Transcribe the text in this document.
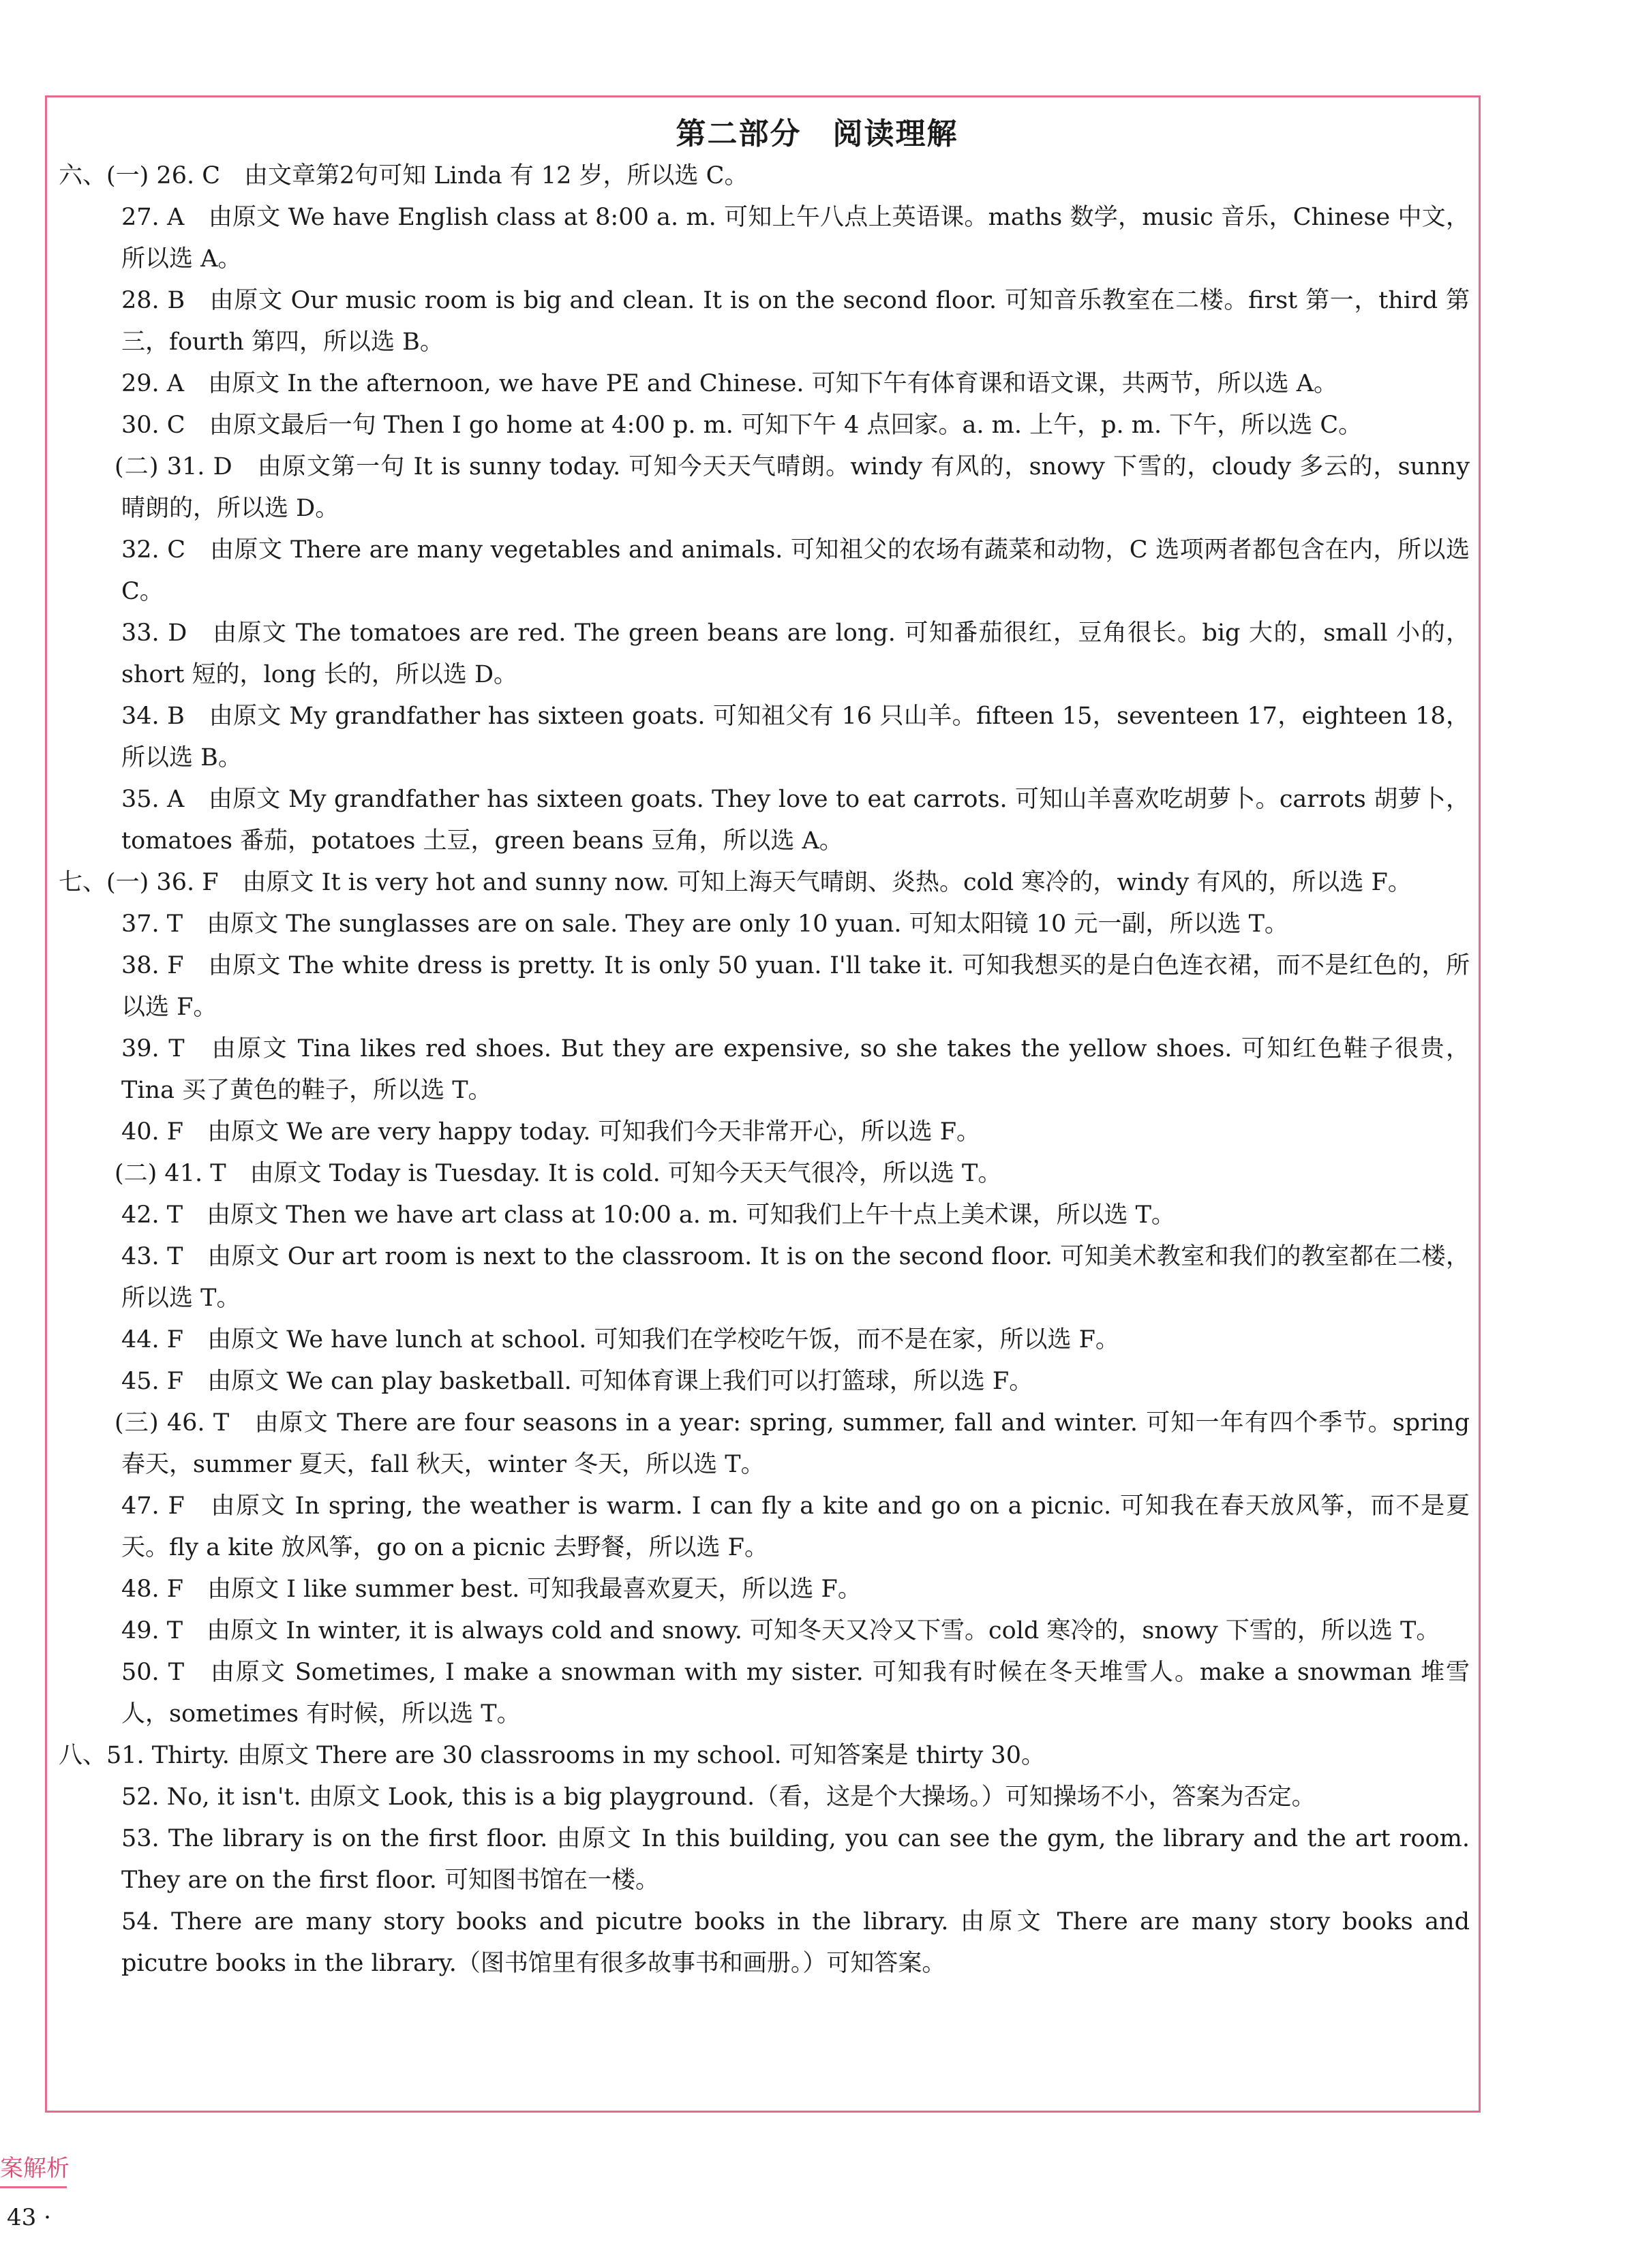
第二部分　阅读理解
六、(一) 26. C　由文章第2句可知 Linda 有 12 岁，所以选 C。
27. A　由原文 We have English class at 8:00 a. m. 可知上午八点上英语课。maths 数学，music 音乐，Chinese 中文，所以选 A。
28. B　由原文 Our music room is big and clean. It is on the second floor. 可知音乐教室在二楼。first 第一，third 第三，fourth 第四，所以选 B。
29. A　由原文 In the afternoon, we have PE and Chinese. 可知下午有体育课和语文课，共两节，所以选 A。
30. C　由原文最后一句 Then I go home at 4:00 p. m. 可知下午 4 点回家。a. m. 上午，p. m. 下午，所以选 C。
(二) 31. D　由原文第一句 It is sunny today. 可知今天天气晴朗。windy 有风的，snowy 下雪的，cloudy 多云的，sunny 晴朗的，所以选 D。
32. C　由原文 There are many vegetables and animals. 可知祖父的农场有蔬菜和动物，C 选项两者都包含在内，所以选 C。
33. D　由原文 The tomatoes are red. The green beans are long. 可知番茄很红，豆角很长。big 大的，small 小的，short 短的，long 长的，所以选 D。
34. B　由原文 My grandfather has sixteen goats. 可知祖父有 16 只山羊。fifteen 15，seventeen 17，eighteen 18，所以选 B。
35. A　由原文 My grandfather has sixteen goats. They love to eat carrots. 可知山羊喜欢吃胡萝卜。carrots 胡萝卜，tomatoes 番茄，potatoes 土豆，green beans 豆角，所以选 A。
七、(一) 36. F　由原文 It is very hot and sunny now. 可知上海天气晴朗、炎热。cold 寒冷的，windy 有风的，所以选 F。
37. T　由原文 The sunglasses are on sale. They are only 10 yuan. 可知太阳镜 10 元一副，所以选 T。
38. F　由原文 The white dress is pretty. It is only 50 yuan. I'll take it. 可知我想买的是白色连衣裙，而不是红色的，所以选 F。
39. T　由原文 Tina likes red shoes. But they are expensive, so she takes the yellow shoes. 可知红色鞋子很贵，Tina 买了黄色的鞋子，所以选 T。
40. F　由原文 We are very happy today. 可知我们今天非常开心，所以选 F。
(二) 41. T　由原文 Today is Tuesday. It is cold. 可知今天天气很冷，所以选 T。
42. T　由原文 Then we have art class at 10:00 a. m. 可知我们上午十点上美术课，所以选 T。
43. T　由原文 Our art room is next to the classroom. It is on the second floor. 可知美术教室和我们的教室都在二楼，所以选 T。
44. F　由原文 We have lunch at school. 可知我们在学校吃午饭，而不是在家，所以选 F。
45. F　由原文 We can play basketball. 可知体育课上我们可以打篮球，所以选 F。
(三) 46. T　由原文 There are four seasons in a year: spring, summer, fall and winter. 可知一年有四个季节。spring 春天，summer 夏天，fall 秋天，winter 冬天，所以选 T。
47. F　由原文 In spring, the weather is warm. I can fly a kite and go on a picnic. 可知我在春天放风筝，而不是夏天。fly a kite 放风筝，go on a picnic 去野餐，所以选 F。
48. F　由原文 I like summer best. 可知我最喜欢夏天，所以选 F。
49. T　由原文 In winter, it is always cold and snowy. 可知冬天又冷又下雪。cold 寒冷的，snowy 下雪的，所以选 T。
50. T　由原文 Sometimes, I make a snowman with my sister. 可知我有时候在冬天堆雪人。make a snowman 堆雪人，sometimes 有时候，所以选 T。
八、51. Thirty. 由原文 There are 30 classrooms in my school. 可知答案是 thirty 30。
52. No, it isn't. 由原文 Look, this is a big playground.（看，这是个大操场。）可知操场不小，答案为否定。
53. The library is on the first floor. 由原文 In this building, you can see the gym, the library and the art room. They are on the first floor. 可知图书馆在一楼。
54. There are many story books and picutre books in the library. 由原文 There are many story books and picutre books in the library.（图书馆里有很多故事书和画册。）可知答案。
案解析
43 ·
